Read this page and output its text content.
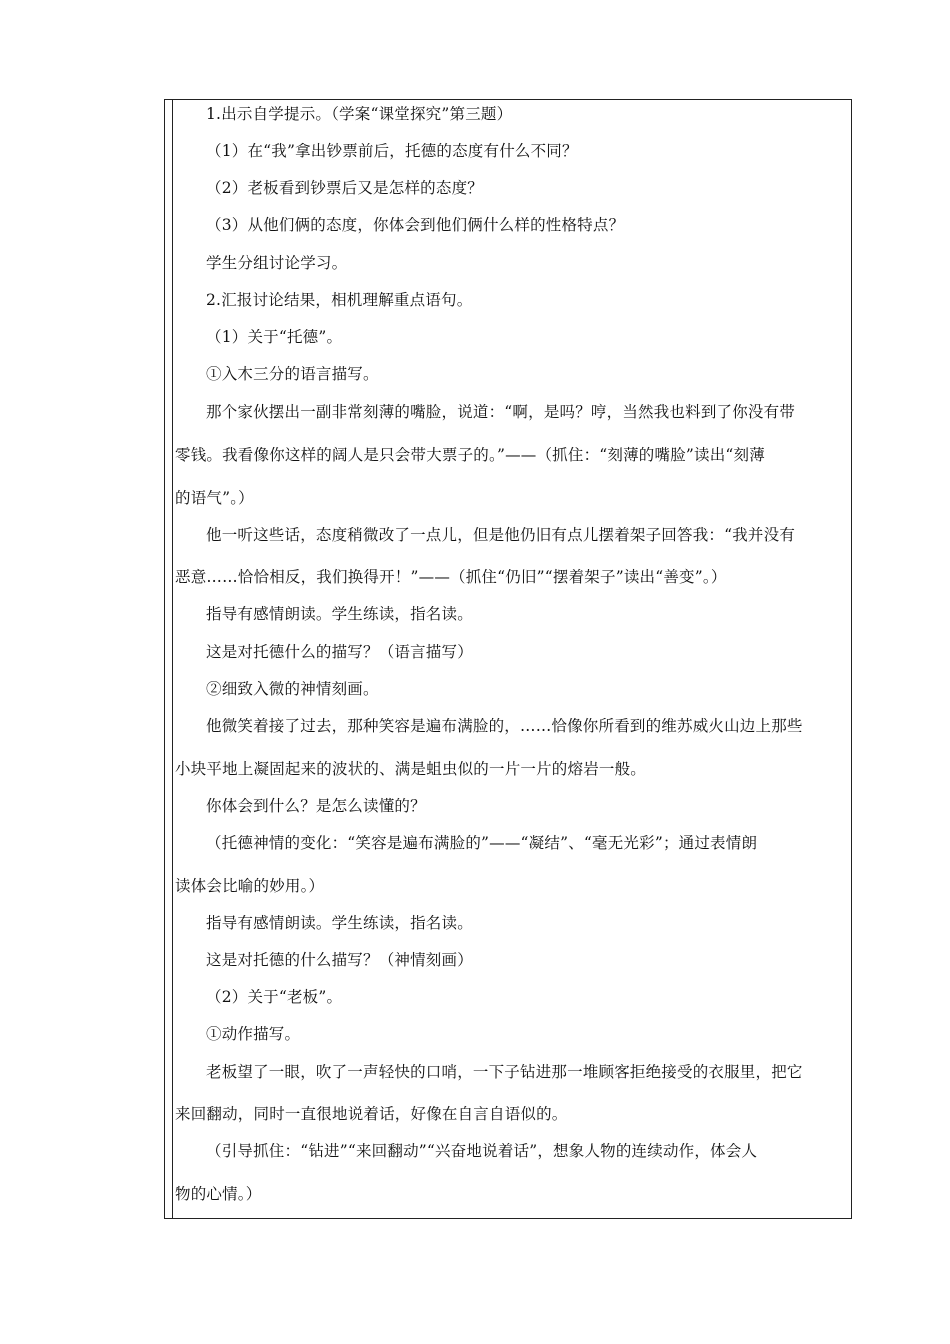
1.出示自学提示。（学案“课堂探究”第三题）
（1）在“我”拿出钞票前后，托德的态度有什么不同？
（2）老板看到钞票后又是怎样的态度？
（3）从他们俩的态度，你体会到他们俩什么样的性格特点？
学生分组讨论学习。
2.汇报讨论结果，相机理解重点语句。
（1）关于“托德”。
①入木三分的语言描写。
那个家伙摆出一副非常刻薄的嘴脸，说道：“啊，是吗？哼，当然我也料到了你没有带
零钱。我看像你这样的阔人是只会带大票子的。”——（抓住：“刻薄的嘴脸”读出“刻薄
的语气”。）
他一听这些话，态度稍微改了一点儿，但是他仍旧有点儿摆着架子回答我：“我并没有
恶意……恰恰相反，我们换得开！”——（抓住“仍旧”“摆着架子”读出“善变”。）
指导有感情朗读。学生练读，指名读。
这是对托德什么的描写？（语言描写）
②细致入微的神情刻画。
他微笑着接了过去，那种笑容是遍布满脸的，……恰像你所看到的维苏威火山边上那些
小块平地上凝固起来的波状的、满是蛆虫似的一片一片的熔岩一般。
你体会到什么？是怎么读懂的？
（托德神情的变化：“笑容是遍布满脸的”——“凝结”、“毫无光彩”；通过表情朗
读体会比喻的妙用。）
指导有感情朗读。学生练读，指名读。
这是对托德的什么描写？（神情刻画）
（2）关于“老板”。
①动作描写。
老板望了一眼，吹了一声轻快的口哨，一下子钻进那一堆顾客拒绝接受的衣服里，把它
来回翻动，同时一直很地说着话，好像在自言自语似的。
（引导抓住：“钻进”“来回翻动”“兴奋地说着话”，想象人物的连续动作，体会人
物的心情。）
